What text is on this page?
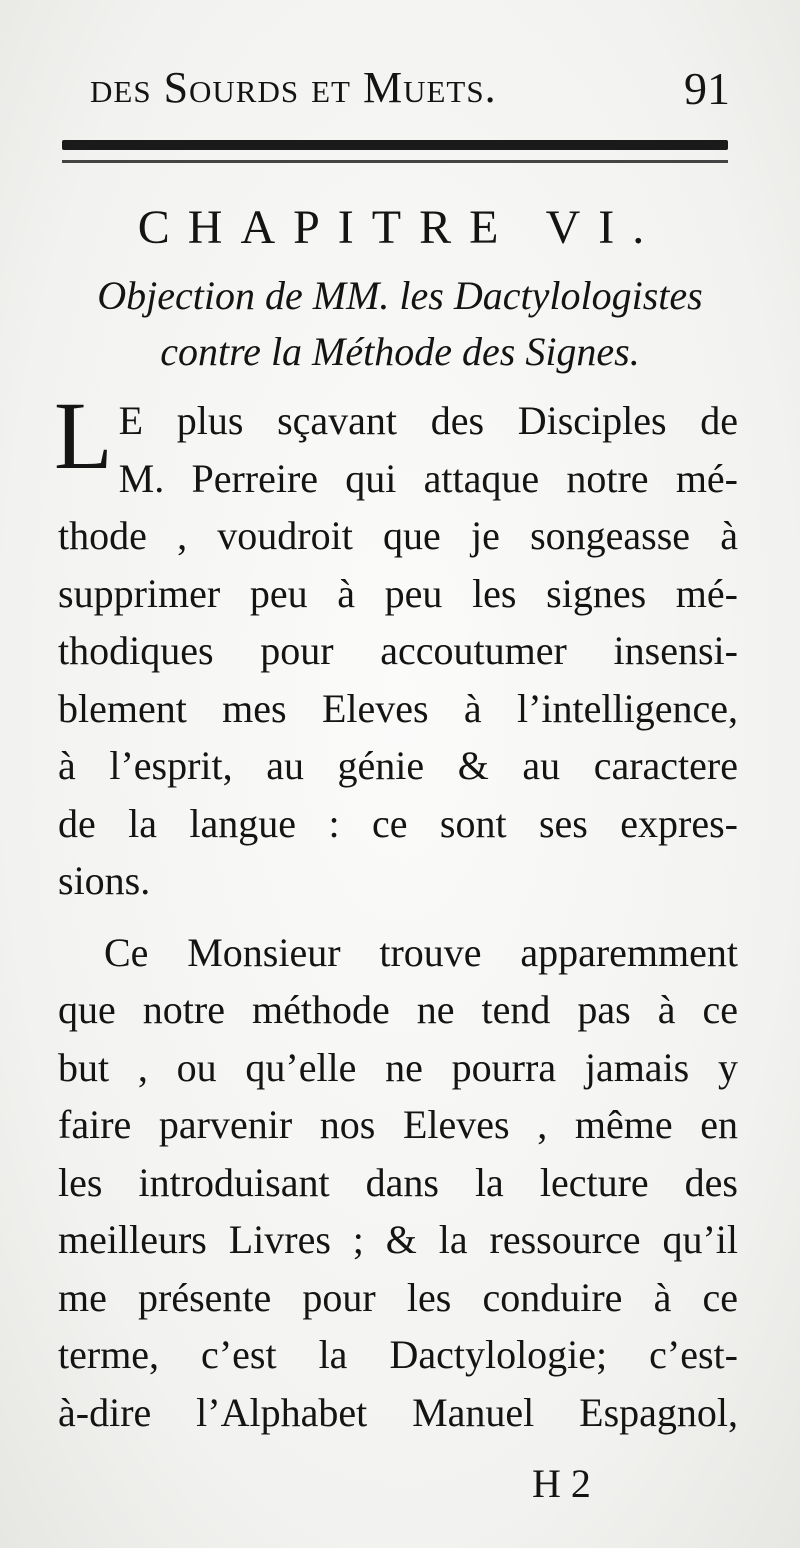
des Sourds et Muets.	91
CHAPITRE VI.
Objection de MM. les Dactylologistes
contre la Méthode des Signes.
L E plus sçavant des Disciples de
M. Perreire qui attaque notre mé-
thode , voudroit que je songeasse à
supprimer peu à peu les signes mé-
thodiques pour accoutumer insensi-
blement mes Eleves à l’intelligence,
à l’esprit, au génie & au caractere
de la langue : ce sont ses expres-
sions.
Ce Monsieur trouve apparemment
que notre méthode ne tend pas à ce
but , ou qu’elle ne pourra jamais y
faire parvenir nos Eleves , même en
les introduisant dans la lecture des
meilleurs Livres ; & la ressource qu’il
me présente pour les conduire à ce
terme, c’est la Dactylologie; c’est-
à-dire l’Alphabet Manuel Espagnol,
H 2
